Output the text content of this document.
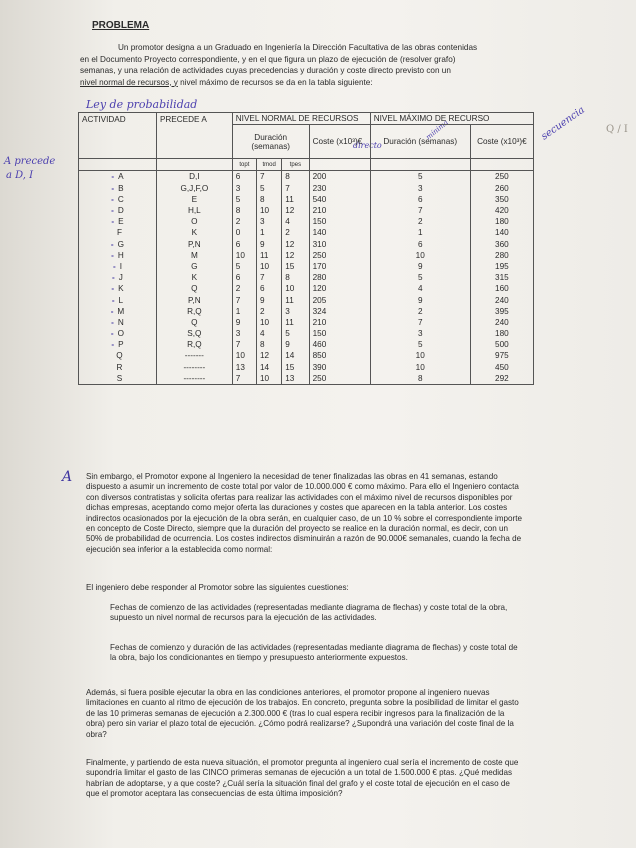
PROBLEMA
Un promotor designa a un Graduado en Ingeniería la Dirección Facultativa de las obras contenidas
en el Documento Proyecto correspondiente, y en el que figura un plazo de ejecución de (resolver grafo)
semanas, y una relación de actividades cuyas precedencias y duración y coste directo previsto con un
nivel normal de recursos, y nivel máximo de recursos se da en la tabla siguiente:
Ley de probabilidad
A precede
a D, I
secuencia Q / I
directo
mínima
ACTIVIDAD	PRECEDE A	NIVEL NORMAL DE RECURSOS				NIVEL MÁXIMO DE RECURSO	
		Duración (semanas)			Coste (x10³)€	Duración (semanas)	Coste (x10³)€
		topt	tmod	tpes			
- A	D,I	6	7	8	200	5	250
- B	G,J,F,O	3	5	7	230	3	260
- C	E	5	8	11	540	6	350
- D	H,L	8	10	12	210	7	420
- E	O	2	3	4	150	2	180
F	K	0	1	2	140	1	140
- G	P,N	6	9	12	310	6	360
- H	M	10	11	12	250	10	280
- I	G	5	10	15	170	9	195
- J	K	6	7	8	280	5	315
- K	Q	2	6	10	120	4	160
- L	P,N	7	9	11	205	9	240
- M	R,Q	1	2	3	324	2	395
- N	Q	9	10	11	210	7	240
- O	S,Q	3	4	5	150	3	180
- P	R,Q	7	8	9	460	5	500
Q	-------	10	12	14	850	10	975
R	--------	13	14	15	390	10	450
S	--------	7	10	13	250	8	292
A Sin embargo, el Promotor expone al Ingeniero la necesidad de tener finalizadas las obras en 41 semanas, estando dispuesto a asumir un incremento de coste total por valor de 10.000.000 € como máximo. Para ello el Ingeniero contacta con diversos contratistas y solicita ofertas para realizar las actividades con el máximo nivel de recursos disponibles por dichas empresas, aceptando como mejor oferta las duraciones y costes que aparecen en la tabla anterior. Los costes indirectos ocasionados por la ejecución de la obra serán, en cualquier caso, de un 10 % sobre el correspondiente importe en concepto de Coste Directo, siempre que la duración del proyecto se realice en la duración normal, es decir, con un 50% de probabilidad de ocurrencia. Los costes indirectos disminuirán a razón de 90.000€ semanales, cuando la fecha de ejecución sea inferior a la establecida como normal:
El ingeniero debe responder al Promotor sobre las siguientes cuestiones:
Fechas de comienzo de las actividades (representadas mediante diagrama de flechas) y coste total de la obra, supuesto un nivel normal de recursos para la ejecución de las actividades.
Fechas de comienzo y duración de las actividades (representadas mediante diagrama de flechas) y coste total de la obra, bajo los condicionantes en tiempo y presupuesto anteriormente expuestos.
Además, si fuera posible ejecutar la obra en las condiciones anteriores, el promotor propone al ingeniero nuevas limitaciones en cuanto al ritmo de ejecución de los trabajos. En concreto, pregunta sobre la posibilidad de limitar el gasto de las 10 primeras semanas de ejecución a 2.300.000 € (tras lo cual espera recibir ingresos para la finalización de la obra) pero sin variar el plazo total de ejecución. ¿Cómo podrá realizarse? ¿Supondrá una variación del coste final de la obra?
Finalmente, y partiendo de esta nueva situación, el promotor pregunta al ingeniero cual sería el incremento de coste que supondría limitar el gasto de las CINCO primeras semanas de ejecución a un total de 1.500.000 € ptas. ¿Qué medidas habrían de adoptarse, y a que coste? ¿Cuál sería la situación final del grafo y el coste total de ejecución en el caso de que el promotor aceptara las consecuencias de esta última imposición?
